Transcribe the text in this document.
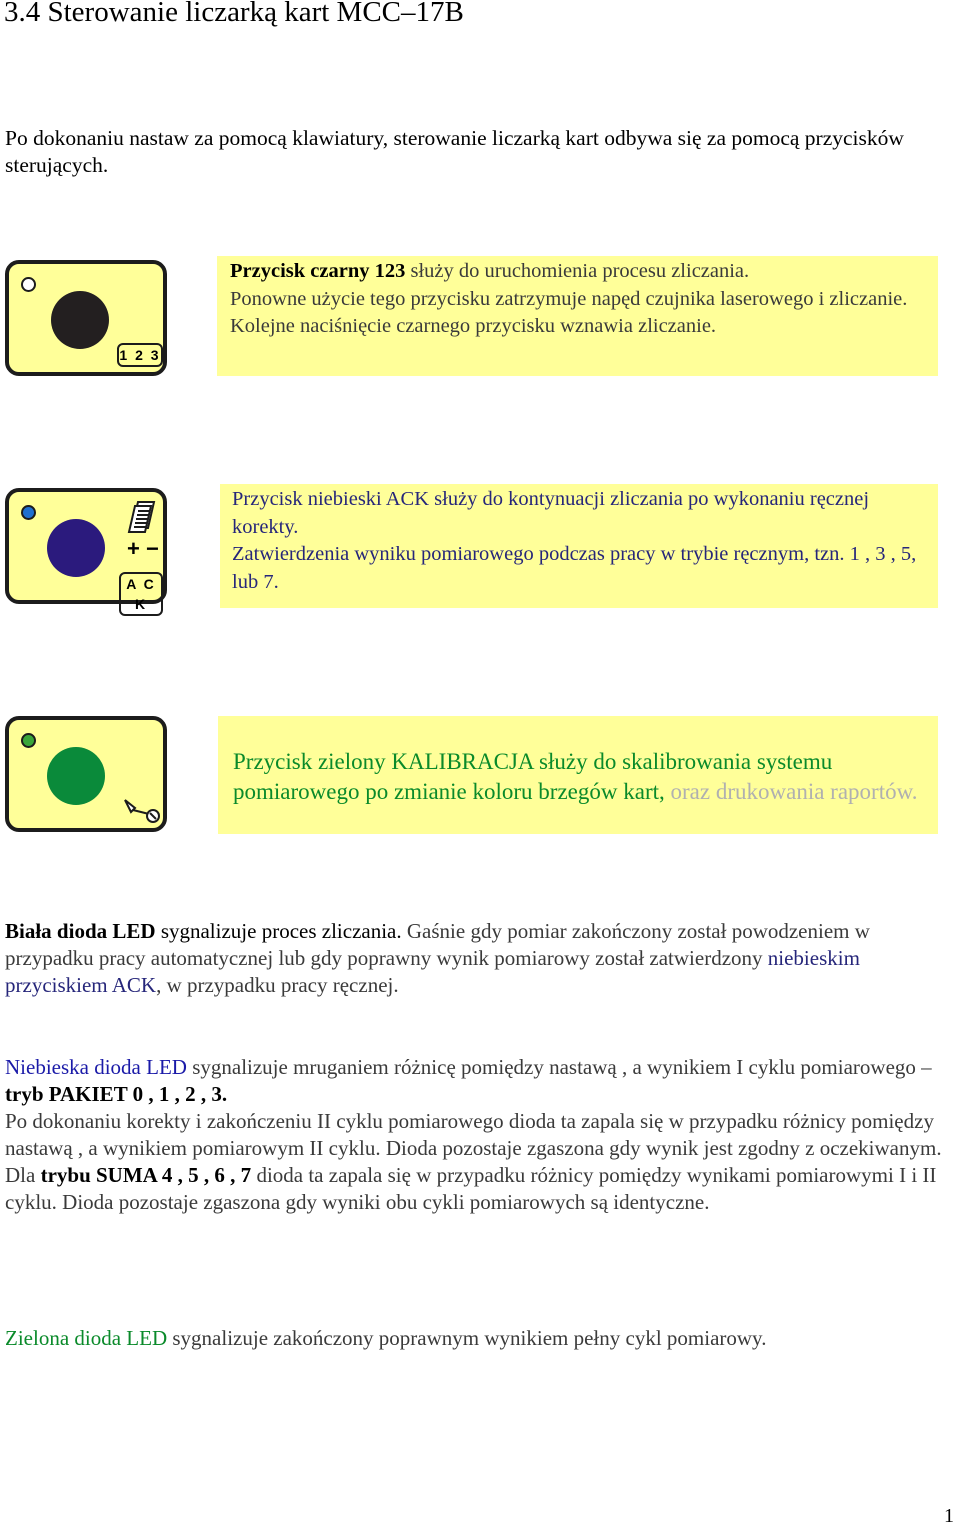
3.4 Sterowanie liczarką kart MCC–17B
Po dokonaniu nastaw za pomocą klawiatury, sterowanie liczarką kart odbywa się za pomocą przycisków sterujących.
1 2 3

Przycisk czarny 123 służy do uruchomienia procesu zliczania.

Ponowne użycie tego przycisku zatrzymuje napęd czujnika laserowego i zliczanie.

Kolejne naciśnięcie czarnego przycisku wznawia zliczanie.

+ −
A C K

Przycisk niebieski ACK służy do kontynuacji zliczania po wykonaniu ręcznej korekty.

Zatwierdzenia wyniku pomiarowego podczas pracy w trybie ręcznym, tzn. 1 , 3 , 5, lub 7.

Przycisk zielony KALIBRACJA służy do skalibrowania systemu pomiarowego po zmianie koloru brzegów kart, oraz drukowania raportów.

Biała dioda LED sygnalizuje proces zliczania. Gaśnie gdy pomiar zakończony został powodzeniem w przypadku pracy automatycznej lub gdy poprawny wynik pomiarowy został zatwierdzony niebieskim przyciskiem ACK, w przypadku pracy ręcznej.
Niebieska dioda LED sygnalizuje mruganiem różnicę pomiędzy nastawą , a wynikiem I cyklu pomiarowego – tryb PAKIET 0 , 1 , 2 , 3.
Po dokonaniu korekty i zakończeniu II cyklu pomiarowego dioda ta zapala się w przypadku różnicy pomiędzy nastawą , a wynikiem pomiarowym II cyklu. Dioda pozostaje zgaszona gdy wynik jest zgodny z oczekiwanym.
Dla trybu SUMA 4 , 5 , 6 , 7 dioda ta zapala się w przypadku różnicy pomiędzy wynikami pomiarowymi I i II cyklu. Dioda pozostaje zgaszona gdy wyniki obu cykli pomiarowych są identyczne.
Zielona dioda LED sygnalizuje zakończony poprawnym wynikiem pełny cykl pomiarowy.
1
